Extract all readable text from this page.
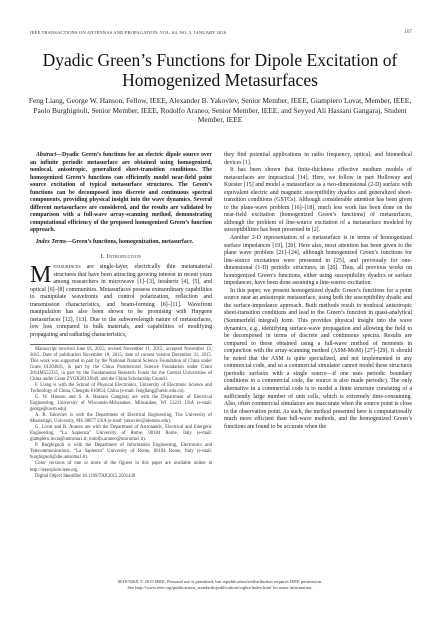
IEEE TRANSACTIONS ON ANTENNAS AND PROPAGATION, VOL. 64, NO. 3, JANUARY 2016	167
Dyadic Green’s Functions for Dipole Excitation of Homogenized Metasurfaces
Feng Liang, George W. Hanson, Fellow, IEEE, Alexander B. Yakovlev, Senior Member, IEEE, Giampiero Lovat, Member, IEEE, Paolo Burghignoli, Senior Member, IEEE, Rodolfo Araneo, Senior Member, IEEE, and Seyyed Ali Hassani Gangaraj, Student Member, IEEE

Abstract—Dyadic Green’s functions for an electric dipole source over an infinite periodic metasurface are obtained using homogenized, nonlocal, anisotropic, generalized sheet-transition conditions. The homogenized Green’s functions can efficiently model near-field point source excitation of typical metasurface structures. The Green’s functions can be decomposed into discrete and continuous spectral components, providing physical insight into the wave dynamics. Several different metasurfaces are considered, and the results are validated by comparison with a full-wave array-scanning method, demonstrating computational efficiency of the proposed homogenized Green’s function approach.

Index Terms—Green’s functions, homogenization, metasurface.

I. Introduction

Metasurfaces are single-layer, electrically thin metamaterial structures that have been attracting growing interest in recent years among researchers in microwave [1]–[3], terahertz [4], [5], and optical [6]–[8] communities. Metasurfaces possess extraordinary capabilities to manipulate wavefronts and control polarization, reflection and transmission characteristics, and beam-forming [6]–[11]. Wavefront manipulation has also been shown to be promising with Huygens metasurfaces [12], [13]. Due to the subwavelength nature of metasurfaces, low loss compared to bulk materials, and capabilities of modifying propagating and radiating characteristics,

Manuscript received June 05, 2015; revised November 11, 2015; accepted November 13, 2015. Date of publication November 18, 2015; date of current version December 31, 2015. This work was supported in part by the National Natural Science Foundation of China under Grant 61204041, in part by the China Postdoctoral Science Foundation under Grant 2014M552335, in part by the Fundamental Research Funds for the Central Universities of China under Grant ZYGX2013J049, and the China Scholarship Council.

F. Liang is with the School of Physical Electronics, University of Electronic Science and Technology of China, Chengdu 610054, China (e-mail: fengliang@uestc.edu.cn).

G. W. Hanson and S. A. Hassani Gangaraj are with the Department of Electrical Engineering, University of Wisconsin-Milwaukee, Milwaukee, WI 53211 USA (e-mail: george@uwm.edu).

A. B. Yakovlev is with the Department of Electrical Engineering, The University of Mississippi, University, MS 38677 USA (e-mail: yakovlev@olemiss.edu).

G. Lovat and R. Araneo are with the Department of Astronautic, Electrical and Energetic Engineering, “La Sapienza” University of Rome, 00184 Rome, Italy (e-mail: giampiero.lovat@uniroma1.it; rodolfo.araneo@uniroma1.it).

P. Burghignoli is with the Department of Information Engineering, Electronics and Telecommunications, “La Sapienza” University of Rome, 00184 Rome, Italy (e-mail: burghignoli@die.uniroma1.it).

Color versions of one or more of the figures in this paper are available online at http://ieeexplore.ieee.org.

Digital Object Identifier 10.1109/TAP.2015.2501430

they find potential applications in radio frequency, optical, and biomedical devices [1].

It has been shown that finite-thickness effective medium models of metasurfaces are impractical [14]. Here, we follow in part Holloway and Kuester [15] and model a metasurface as a two-dimensional (2-D) surface with equivalent electric and magnetic susceptibility dyadics and generalized sheet-transition conditions (GSTCs). Although considerable attention has been given to the plane-wave problem [16]–[18], much less work has been done on the near-field excitation (homogenized Green’s functions) of metasurfaces, although the problem of line-source excitation of a metasurface modeled by susceptibilities has been presented in [2].

Another 2-D representation of a metasurface is in terms of homogenized surface impedances [19], [20]. Here also, most attention has been given to the plane wave problem [21]–[24], although homogenized Green’s functions for line-source excitations were presented in [25], and previously for one-dimensional (1-D) periodic structures, in [26]. Thus, all previous works on homogenized Green’s functions, either using susceptibility dyadics or surface impedances, have been done assuming a line-source excitation.

In this paper, we present homogenized dyadic Green’s functions for a point source near an anisotropic metasurface, using both the susceptibility dyadic and the surface-impedance approach. Both methods result in nonlocal anisotropic sheet-transition conditions and lead to the Green’s function in quasi-analytical (Sommerfeld integral) form. This provides physical insight into the wave dynamics, e.g., identifying surface-wave propagation and allowing the field to be decomposed in terms of discrete and continuous spectra. Results are compared to those obtained using a full-wave method of moments in conjunction with the array-scanning method (ASM-MoM) [27]–[29]. It should be noted that the ASM is quite specialized, and not implemented in any commercial code, and so a commercial simulator cannot model these structures (periodic surfaces with a single source—if one uses periodic boundary conditions in a commercial code, the source is also made periodic). The only alternative in a commercial code is to model a finite structure consisting of a sufficiently large number of unit cells, which is extremely time-consuming. Also, often commercial simulators are inaccurate when the source point is close to the observation point. As such, the method presented here is computationally much more efficient than full-wave methods, and the homogenized Green’s functions are found to be accurate when the

0018-926X © 2015 IEEE. Personal use is permitted, but republication/redistribution requires IEEE permission.
See http://www.ieee.org/publications_standards/publications/rights/index.html for more information.
